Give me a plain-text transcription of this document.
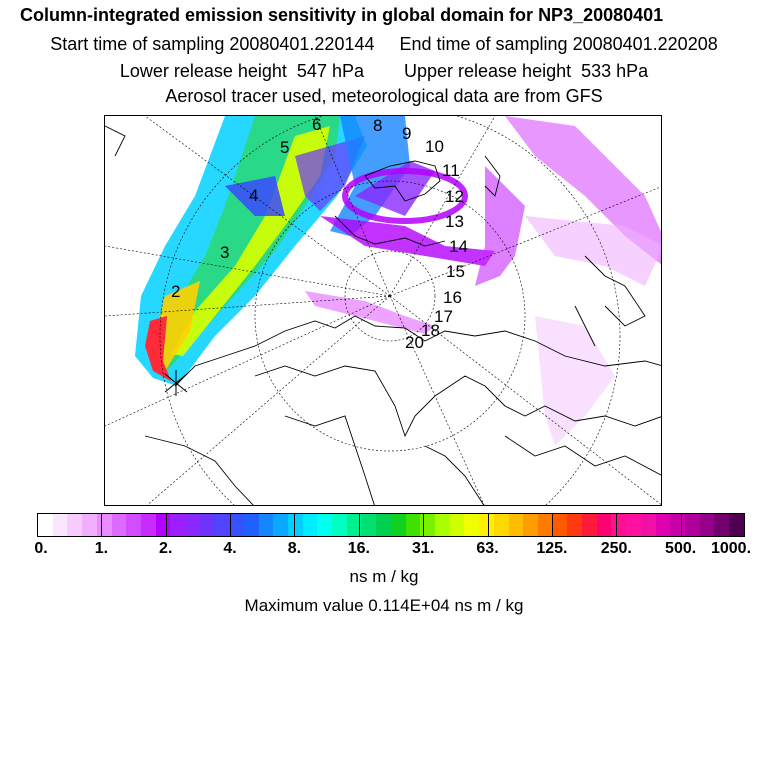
Column-integrated emission sensitivity in global domain for NP3_20080401
Start time of sampling 20080401.220144     End time of sampling 20080401.220208
Lower release height  547 hPa        Upper release height  533 hPa
Aerosol tracer used, meteorological data are from GFS
2
3
4
5
6	8 9
10
11
12
13
14
15
16
17
18
20
0.	1.	2.	4.	8.	16.	31.	63. 125. 250. 500. 1000.
ns m / kg
Maximum value 0.114E+04 ns m / kg
